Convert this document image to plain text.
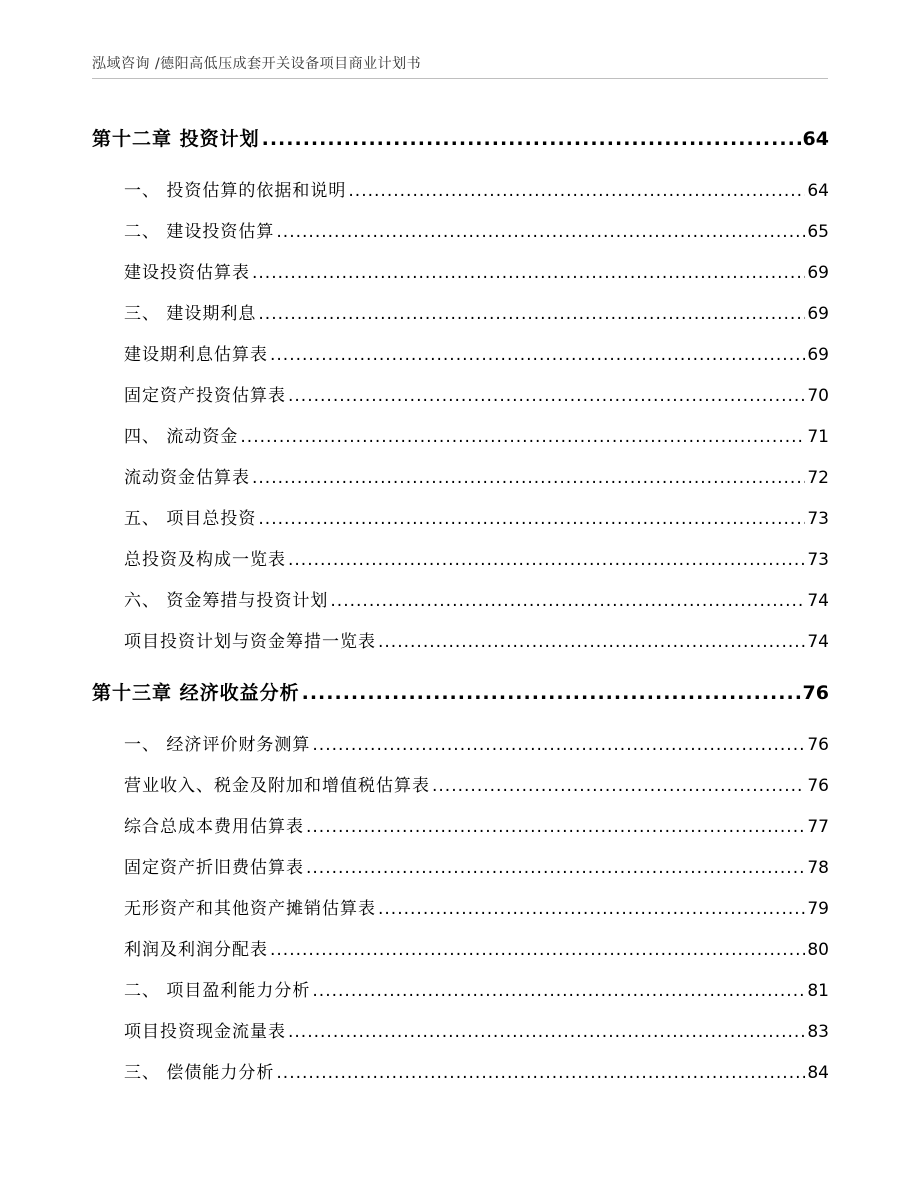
泓域咨询 /德阳高低压成套开关设备项目商业计划书
第十二章 投资计划 .....	64
一、 投资估算的依据和说明 .....	64
二、 建设投资估算 .....	65
建设投资估算表 .....	69
三、 建设期利息 .....	69
建设期利息估算表 .....	69
固定资产投资估算表 .....	70
四、 流动资金 .....	71
流动资金估算表 .....	72
五、 项目总投资 .....	73
总投资及构成一览表 .....	73
六、 资金筹措与投资计划 .....	74
项目投资计划与资金筹措一览表 .....	74
第十三章 经济收益分析 .....	76
一、 经济评价财务测算 .....	76
营业收入、税金及附加和增值税估算表 .....	76
综合总成本费用估算表 .....	77
固定资产折旧费估算表 .....	78
无形资产和其他资产摊销估算表 .....	79
利润及利润分配表 .....	80
二、 项目盈利能力分析 .....	81
项目投资现金流量表 .....	83
三、 偿债能力分析 .....	84
